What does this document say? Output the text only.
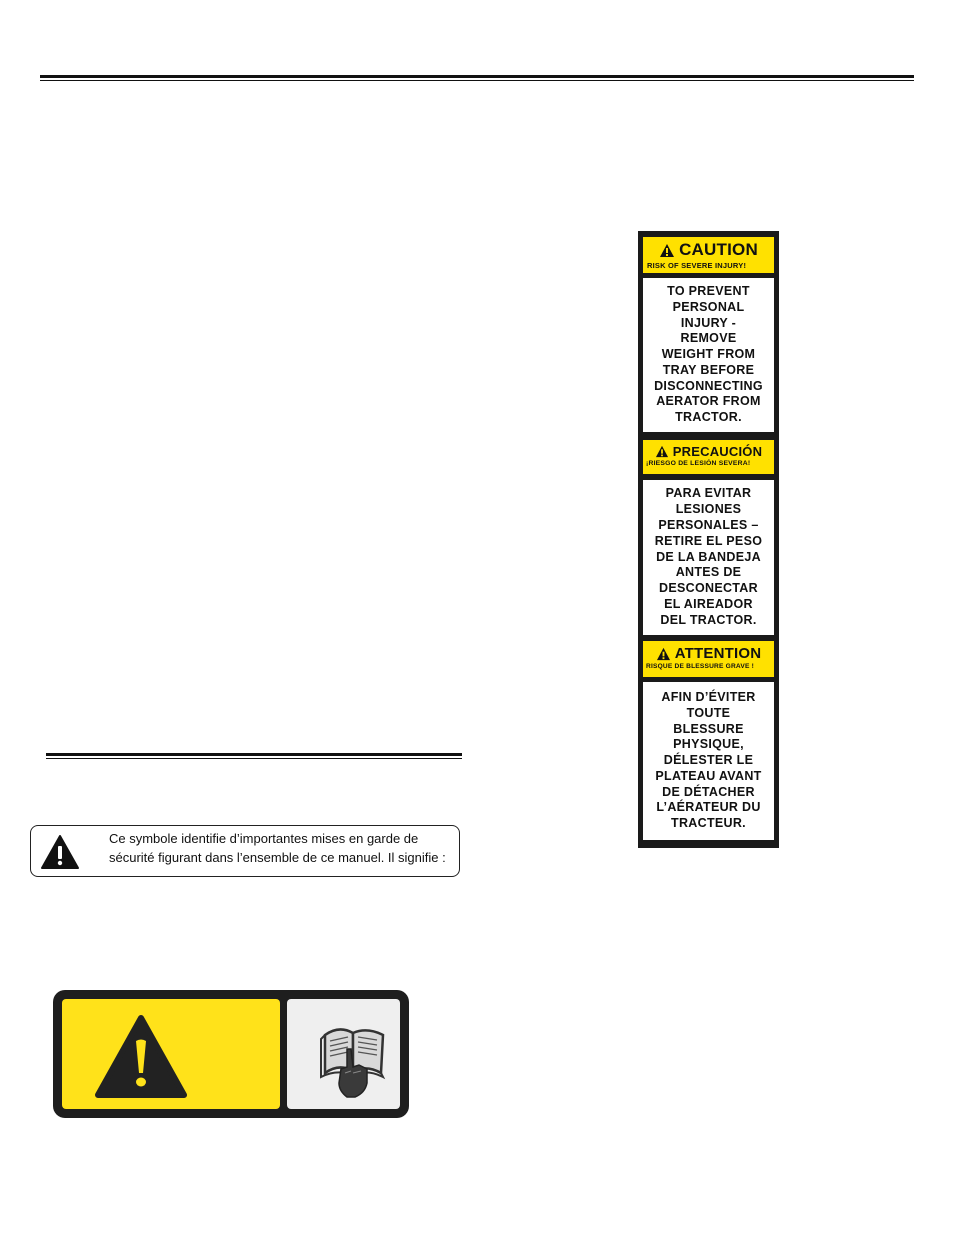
Ce symbole identifie d’importantes mises en garde de
sécurité figurant dans l’ensemble de ce manuel. Il signifie :
CAUTION
RISK OF SEVERE INJURY!
TO PREVENT
PERSONAL
INJURY -
REMOVE
WEIGHT FROM
TRAY BEFORE
DISCONNECTING
AERATOR FROM
TRACTOR.
PRECAUCIÓN
¡RIESGO DE LESIÓN SEVERA!
PARA EVITAR
LESIONES
PERSONALES –
RETIRE EL PESO
DE LA BANDEJA
ANTES DE
DESCONECTAR
EL AIREADOR
DEL TRACTOR.
ATTENTION
RISQUE DE BLESSURE GRAVE !
AFIN D’ÉVITER
TOUTE
BLESSURE
PHYSIQUE,
DÉLESTER LE
PLATEAU AVANT
DE DÉTACHER
L’AÉRATEUR DU
TRACTEUR.
